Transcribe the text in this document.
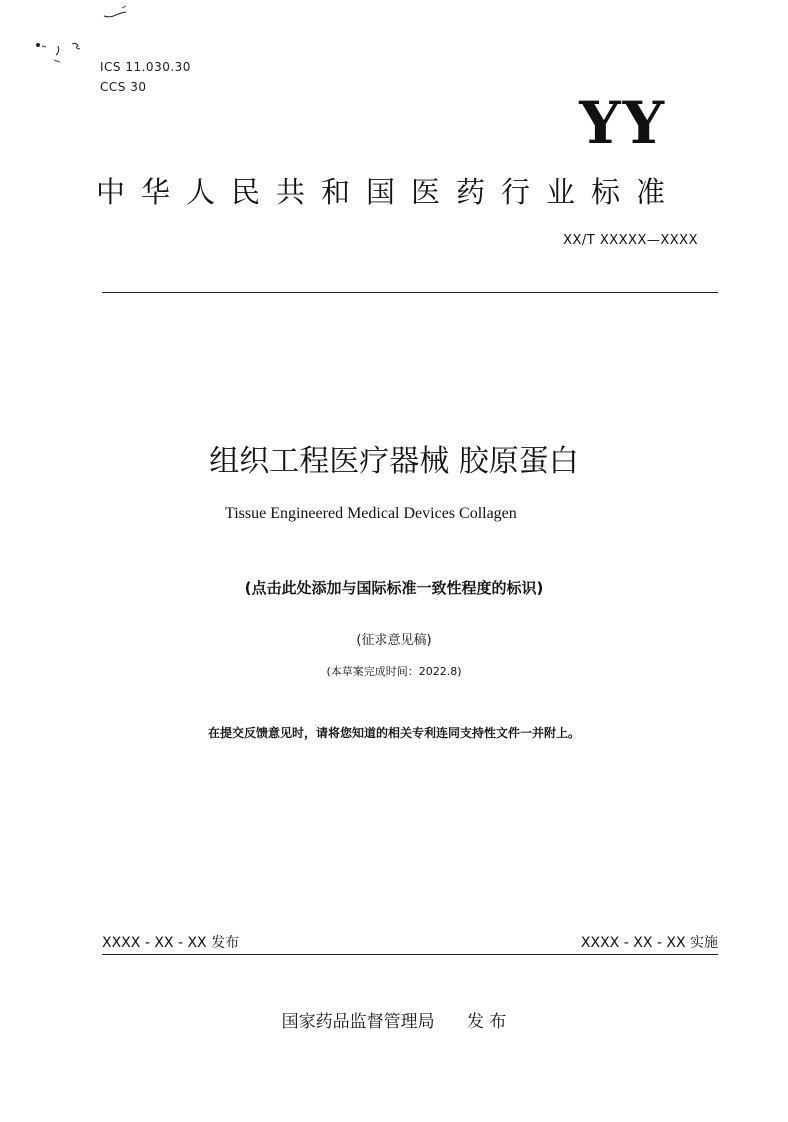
ICS 11.030.30
CCS 30
YY
中华人民共和国医药行业标准
XX/T XXXXX—XXXX
组织工程医疗器械 胶原蛋白
Tissue Engineered Medical Devices Collagen
(点击此处添加与国际标准一致性程度的标识)
(征求意见稿)
(本草案完成时间：2022.8)
在提交反馈意见时，请将您知道的相关专利连同支持性文件一并附上。
XXXX - XX - XX 发布	XXXX - XX - XX 实施
国家药品监督管理局      发 布
